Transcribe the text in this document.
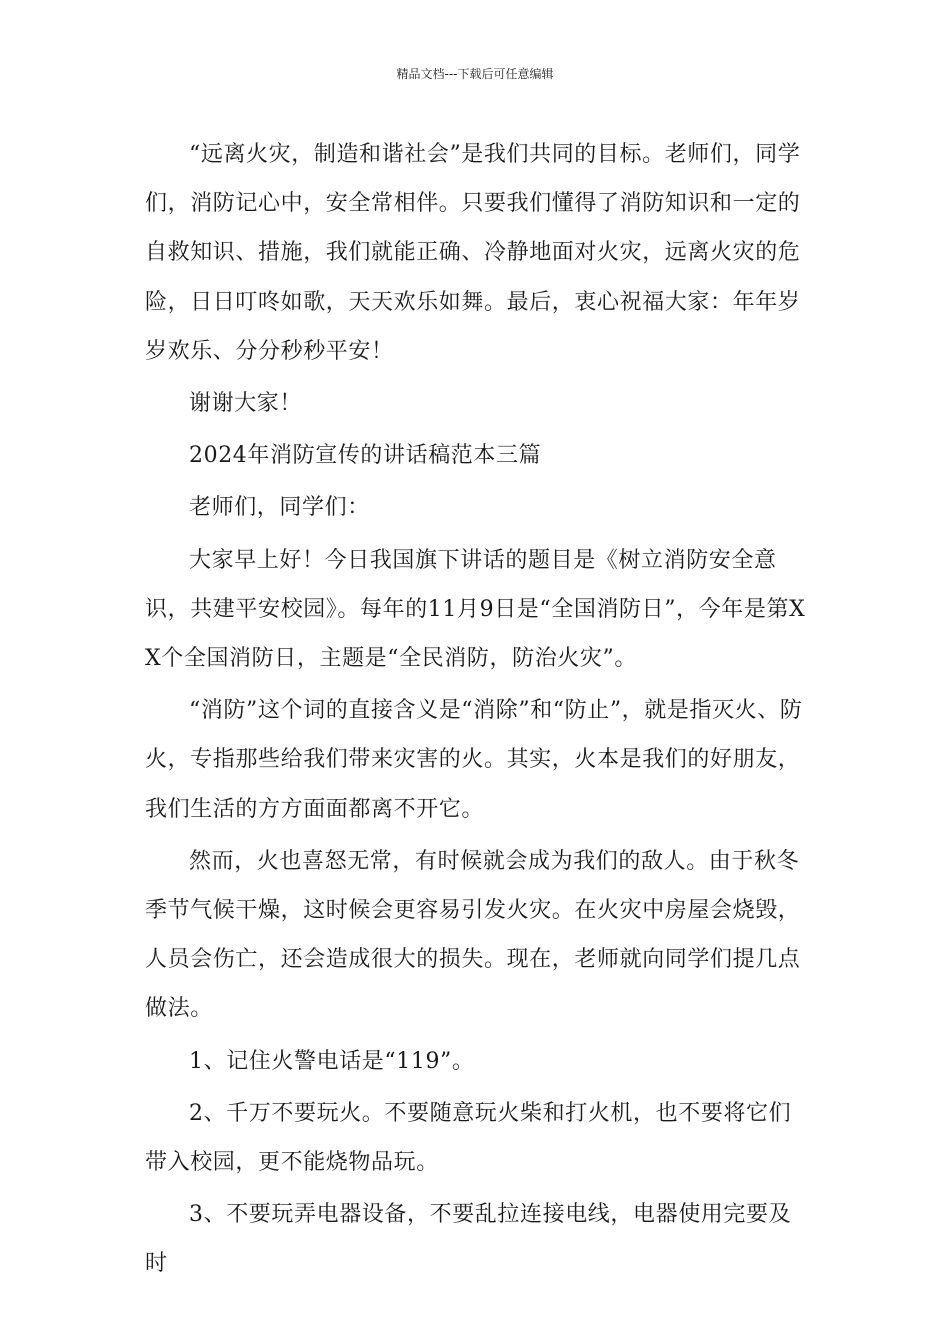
精品文档---下载后可任意编辑

“远离火灾，制造和谐社会”是我们共同的目标。老师们，同学们，消防记心中，安全常相伴。只要我们懂得了消防知识和一定的自救知识、措施，我们就能正确、冷静地面对火灾，远离火灾的危险，日日叮咚如歌，天天欢乐如舞。最后，衷心祝福大家：年年岁岁欢乐、分分秒秒平安！

谢谢大家！

2024年消防宣传的讲话稿范本三篇

老师们，同学们：

大家早上好！今日我国旗下讲话的题目是《树立消防安全意识，共建平安校园》。每年的11月9日是“全国消防日”，今年是第XX个全国消防日，主题是“全民消防，防治火灾”。

“消防”这个词的直接含义是“消除”和“防止”，就是指灭火、防火，专指那些给我们带来灾害的火。其实，火本是我们的好朋友，我们生活的方方面面都离不开它。

然而，火也喜怒无常，有时候就会成为我们的敌人。由于秋冬季节气候干燥，这时候会更容易引发火灾。在火灾中房屋会烧毁，人员会伤亡，还会造成很大的损失。现在，老师就向同学们提几点做法。

1、记住火警电话是“119”。

2、千万不要玩火。不要随意玩火柴和打火机，也不要将它们带入校园，更不能烧物品玩。

3、不要玩弄电器设备，不要乱拉连接电线，电器使用完要及时
